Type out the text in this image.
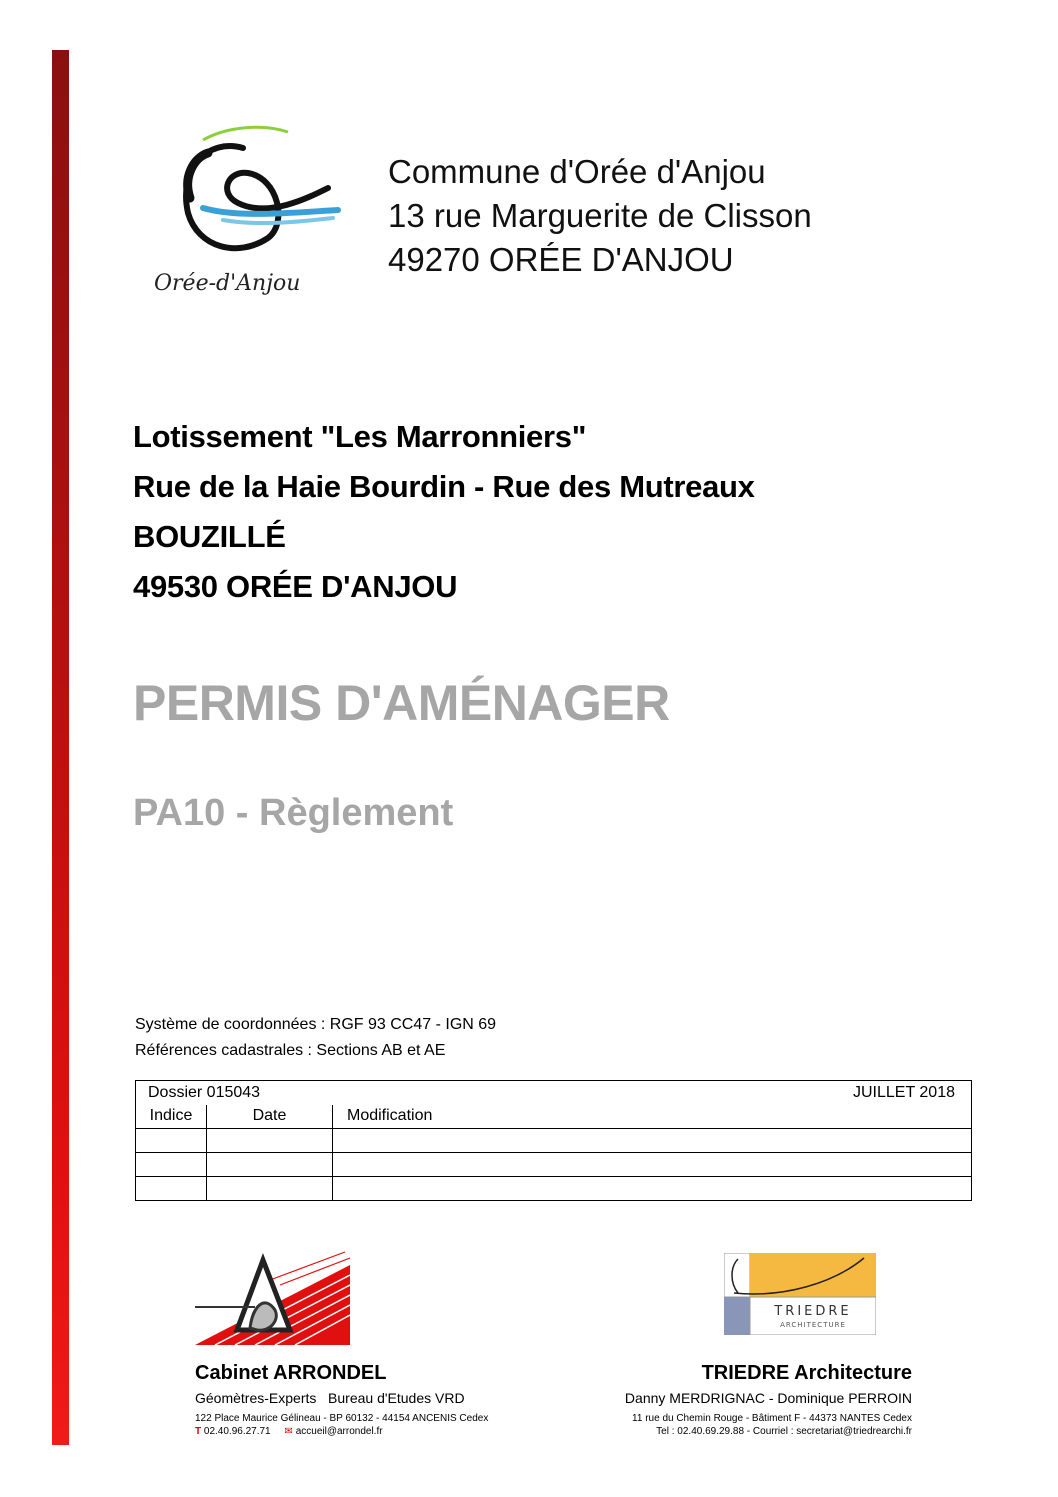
Orée-d'Anjou
Commune d'Orée d'Anjou
13 rue Marguerite de Clisson
49270 ORÉE D'ANJOU
Lotissement "Les Marronniers"
Rue de la Haie Bourdin - Rue des Mutreaux
BOUZILLÉ
49530 ORÉE D'ANJOU
PERMIS D'AMÉNAGER
PA10 - Règlement
Système de coordonnées : RGF 93 CC47 - IGN 69
Références cadastrales : Sections AB et AE
Dossier 015043 JUILLET 2018		

Indice	Date	Modification

TRIEDRE
ARCHITECTURE
Cabinet ARRONDEL
Géomètres-Experts   Bureau d'Etudes VRD
122 Place Maurice Gélineau - BP 60132 - 44154 ANCENIS Cedex
T 02.40.96.27.71 ✉ accueil@arrondel.fr
TRIEDRE Architecture
Danny MERDRIGNAC - Dominique PERROIN
11 rue du Chemin Rouge - Bâtiment F - 44373 NANTES Cedex
Tel : 02.40.69.29.88 - Courriel : secretariat@triedrearchi.fr
